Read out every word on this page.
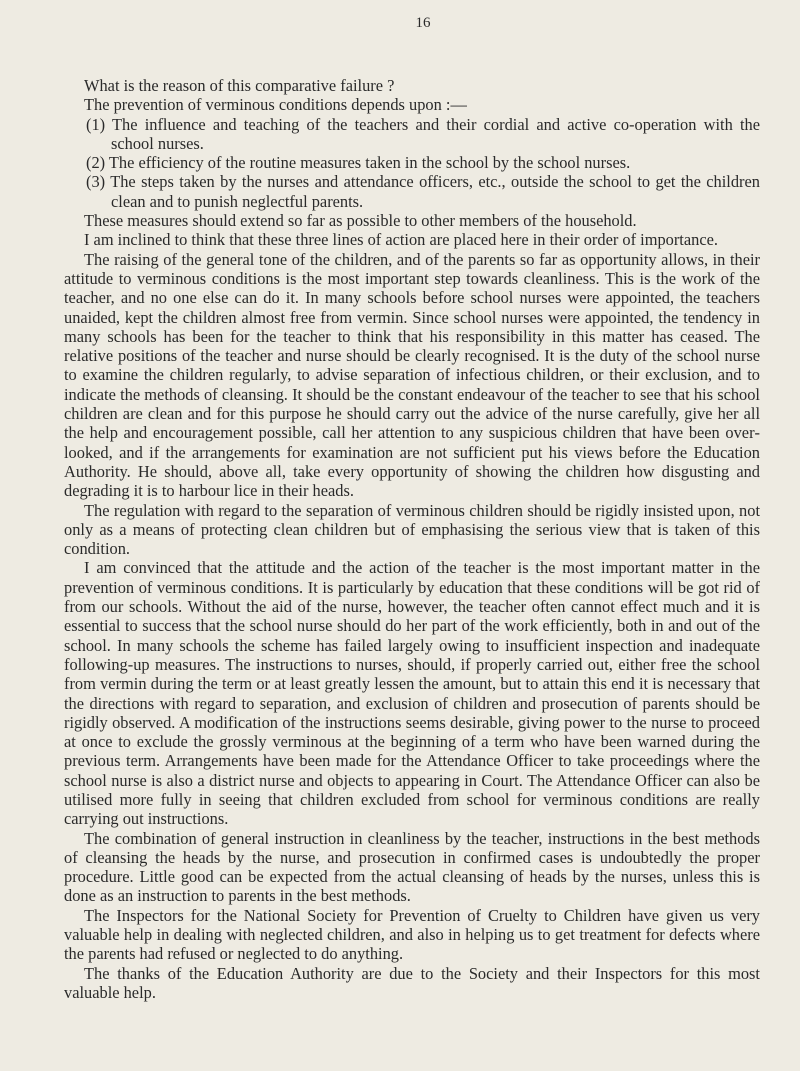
16

What is the reason of this comparative failure ?

The prevention of verminous conditions depends upon :—

(1) The influence and teaching of the teachers and their cordial and active co-operation with the school nurses.

(2) The efficiency of the routine measures taken in the school by the school nurses.

(3) The steps taken by the nurses and attendance officers, etc., outside the school to get the children clean and to punish neglectful parents.

These measures should extend so far as possible to other members of the household.

I am inclined to think that these three lines of action are placed here in their order of importance.

The raising of the general tone of the children, and of the parents so far as opportunity allows, in their attitude to verminous conditions is the most important step towards cleanliness. This is the work of the teacher, and no one else can do it. In many schools before school nurses were appointed, the teachers unaided, kept the children almost free from vermin. Since school nurses were appointed, the tendency in many schools has been for the teacher to think that his responsibility in this matter has ceased. The relative positions of the teacher and nurse should be clearly recognised. It is the duty of the school nurse to examine the children regularly, to advise separation of infectious children, or their exclusion, and to indicate the methods of cleansing. It should be the constant endeavour of the teacher to see that his school children are clean and for this purpose he should carry out the advice of the nurse carefully, give her all the help and encouragement possible, call her attention to any suspicious children that have been overlooked, and if the arrangements for examination are not sufficient put his views before the Education Authority. He should, above all, take every opportunity of showing the children how disgusting and degrading it is to harbour lice in their heads.

The regulation with regard to the separation of verminous children should be rigidly insisted upon, not only as a means of protecting clean children but of emphasising the serious view that is taken of this condition.

I am convinced that the attitude and the action of the teacher is the most important matter in the prevention of verminous conditions. It is particularly by education that these conditions will be got rid of from our schools. Without the aid of the nurse, however, the teacher often cannot effect much and it is essential to success that the school nurse should do her part of the work efficiently, both in and out of the school. In many schools the scheme has failed largely owing to insufficient inspection and inadequate following-up measures. The instructions to nurses, should, if properly carried out, either free the school from vermin during the term or at least greatly lessen the amount, but to attain this end it is necessary that the directions with regard to separation, and exclusion of children and prosecution of parents should be rigidly observed. A modification of the instructions seems desirable, giving power to the nurse to proceed at once to exclude the grossly verminous at the beginning of a term who have been warned during the previous term. Arrangements have been made for the Attendance Officer to take proceedings where the school nurse is also a district nurse and objects to appearing in Court. The Attendance Officer can also be utilised more fully in seeing that children excluded from school for verminous conditions are really carrying out instructions.

The combination of general instruction in cleanliness by the teacher, instructions in the best methods of cleansing the heads by the nurse, and prosecution in confirmed cases is undoubtedly the proper procedure. Little good can be expected from the actual cleansing of heads by the nurses, unless this is done as an instruction to parents in the best methods.

The Inspectors for the National Society for Prevention of Cruelty to Children have given us very valuable help in dealing with neglected children, and also in helping us to get treatment for defects where the parents had refused or neglected to do anything.

The thanks of the Education Authority are due to the Society and their Inspectors for this most valuable help.
